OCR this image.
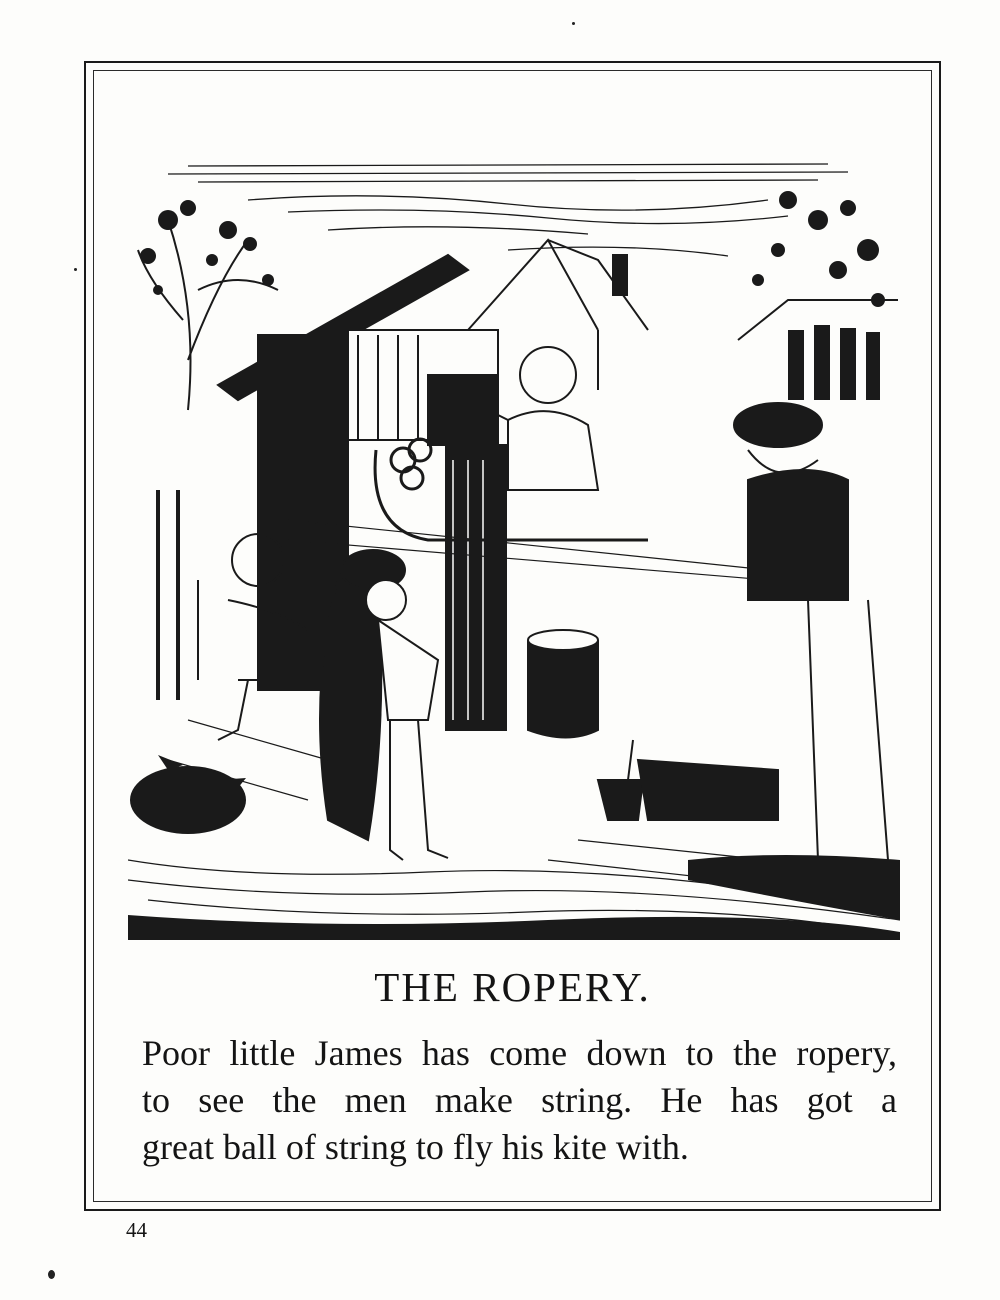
THE ROPERY.

Poor little James has come down to the ropery,
to see the men make string. He has got a
great ball of string to fly his kite with.

44
